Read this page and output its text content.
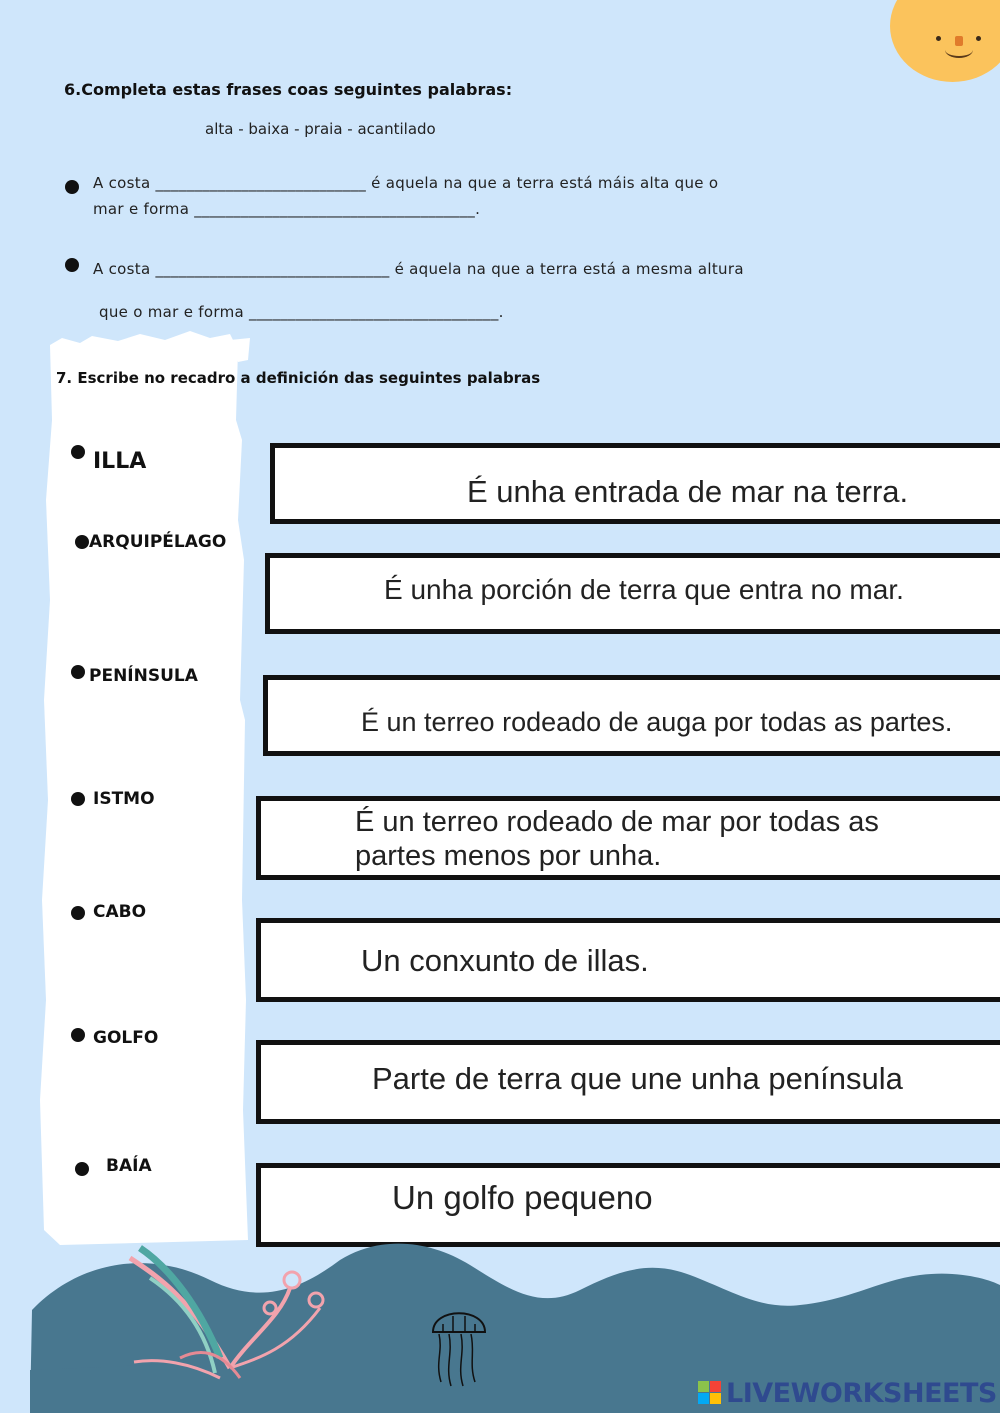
6.Completa estas frases coas seguintes palabras:
alta - baixa - praia - acantilado
A costa ___________________________ é aquela na que a terra está máis alta que o
mar e forma ____________________________________.
A costa ______________________________ é aquela na que a terra está a mesma altura
que o mar e forma ________________________________.
7. Escribe no recadro a definición das seguintes palabras
ILLA
ARQUIPÉLAGO
PENÍNSULA
ISTMO
CABO
GOLFO
BAÍA
É unha entrada de mar na terra.
É unha porción de terra que entra no mar.
É un terreo rodeado de auga por todas as partes.
É un terreo rodeado de mar por todas as partes menos por unha.
Un conxunto de illas.
Parte de terra que une unha península
Un golfo pequeno
LIVEWORKSHEETS
